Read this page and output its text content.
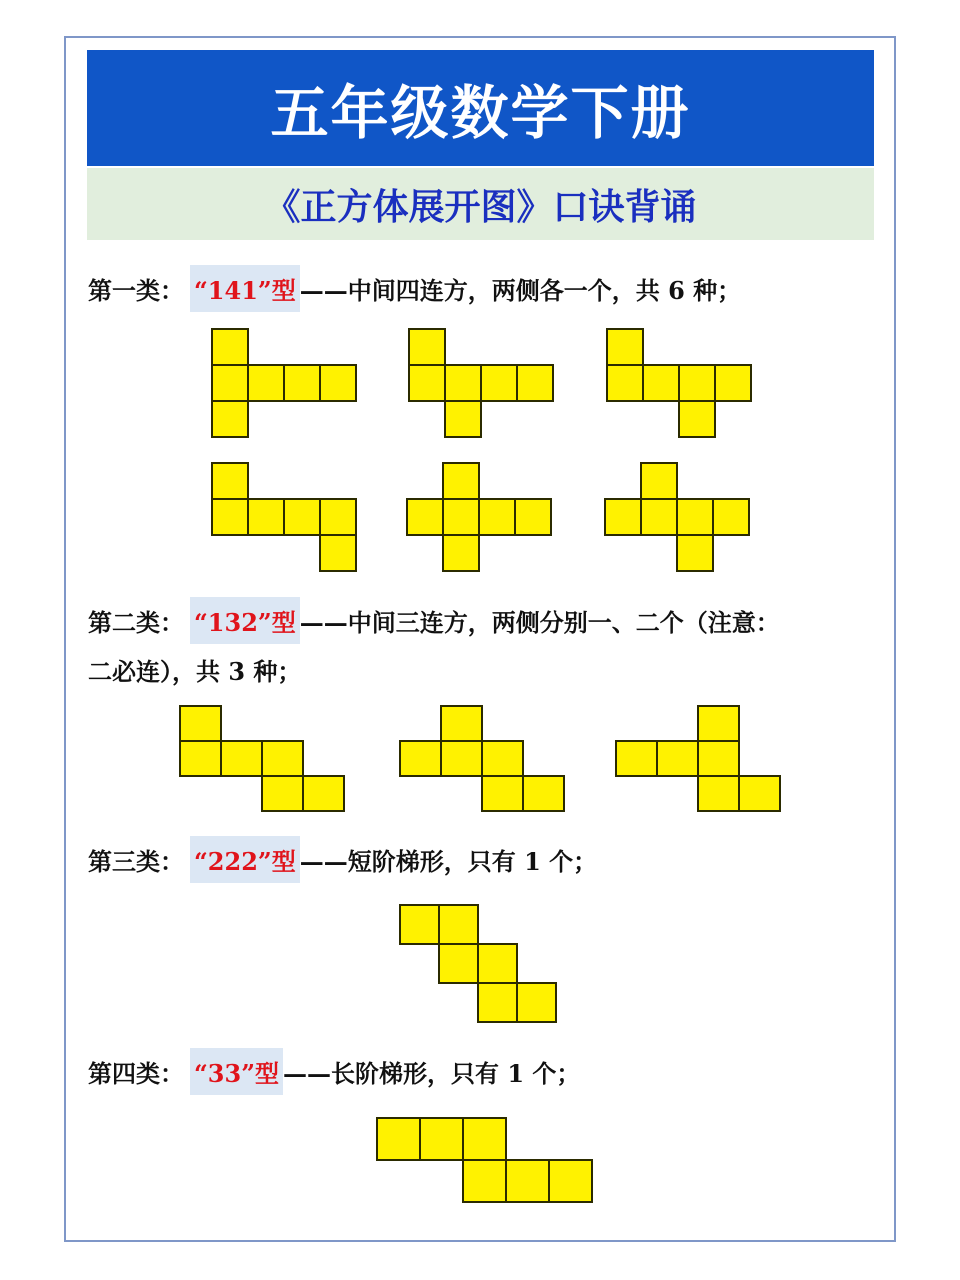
五年级数学下册
《正方体展开图》口诀背诵
第一类： “141”型 ——中间四连方，两侧各一个，共 6 种；
第二类： “132”型 ——中间三连方，两侧分别一、二个（注意：
二必连），共 3 种；
第三类： “222”型 ——短阶梯形，只有 1 个；
第四类： “33”型 ——长阶梯形，只有 1 个；
